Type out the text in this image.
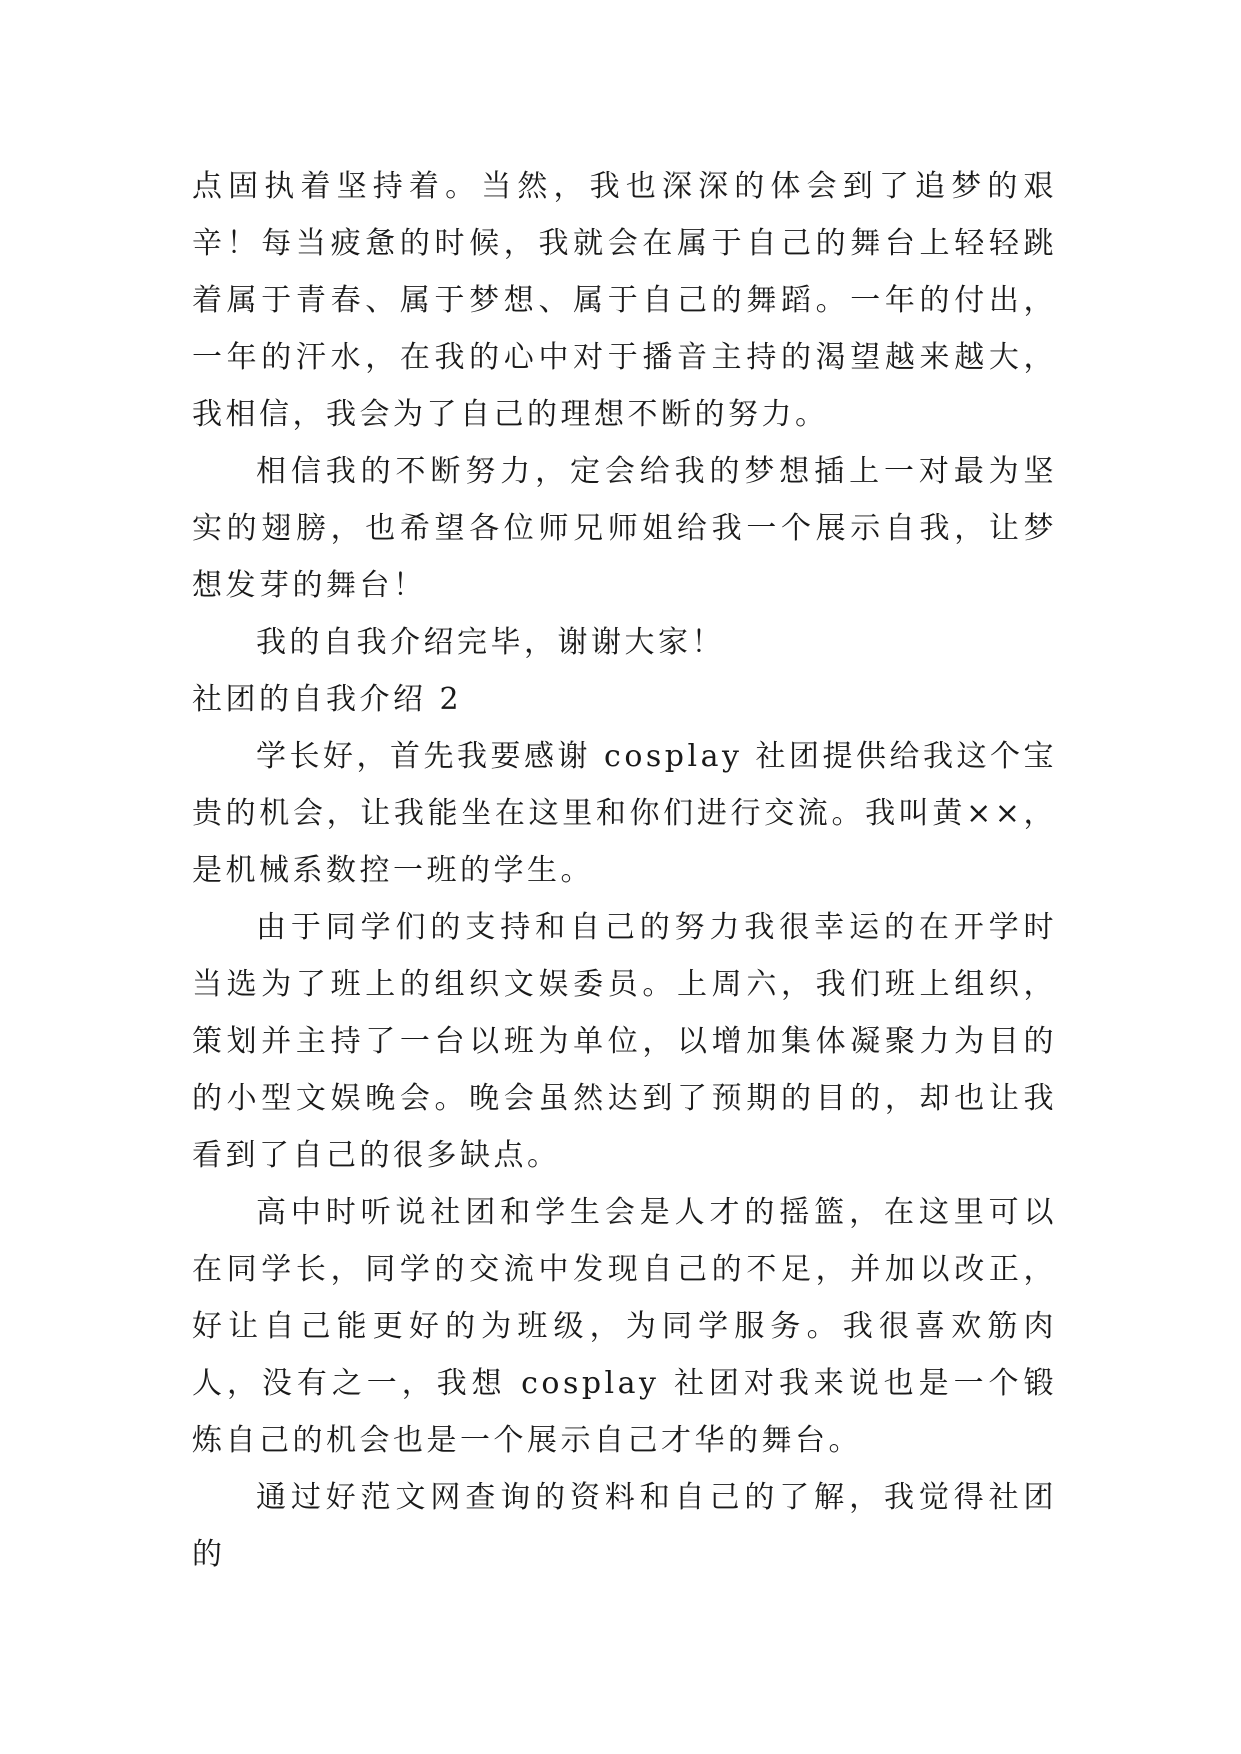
点固执着坚持着。当然，我也深深的体会到了追梦的艰辛！每当疲惫的时候，我就会在属于自己的舞台上轻轻跳着属于青春、属于梦想、属于自己的舞蹈。一年的付出，一年的汗水，在我的心中对于播音主持的渴望越来越大，我相信，我会为了自己的理想不断的努力。

相信我的不断努力，定会给我的梦想插上一对最为坚实的翅膀，也希望各位师兄师姐给我一个展示自我，让梦想发芽的舞台！

我的自我介绍完毕，谢谢大家！

社团的自我介绍 2

学长好，首先我要感谢 cosplay 社团提供给我这个宝贵的机会，让我能坐在这里和你们进行交流。我叫黄××，是机械系数控一班的学生。

由于同学们的支持和自己的努力我很幸运的在开学时当选为了班上的组织文娱委员。上周六，我们班上组织，策划并主持了一台以班为单位，以增加集体凝聚力为目的的小型文娱晚会。晚会虽然达到了预期的目的，却也让我看到了自己的很多缺点。

高中时听说社团和学生会是人才的摇篮，在这里可以在同学长，同学的交流中发现自己的不足，并加以改正，好让自己能更好的为班级，为同学服务。我很喜欢筋肉人，没有之一，我想 cosplay 社团对我来说也是一个锻炼自己的机会也是一个展示自己才华的舞台。

通过好范文网查询的资料和自己的了解，我觉得社团的
